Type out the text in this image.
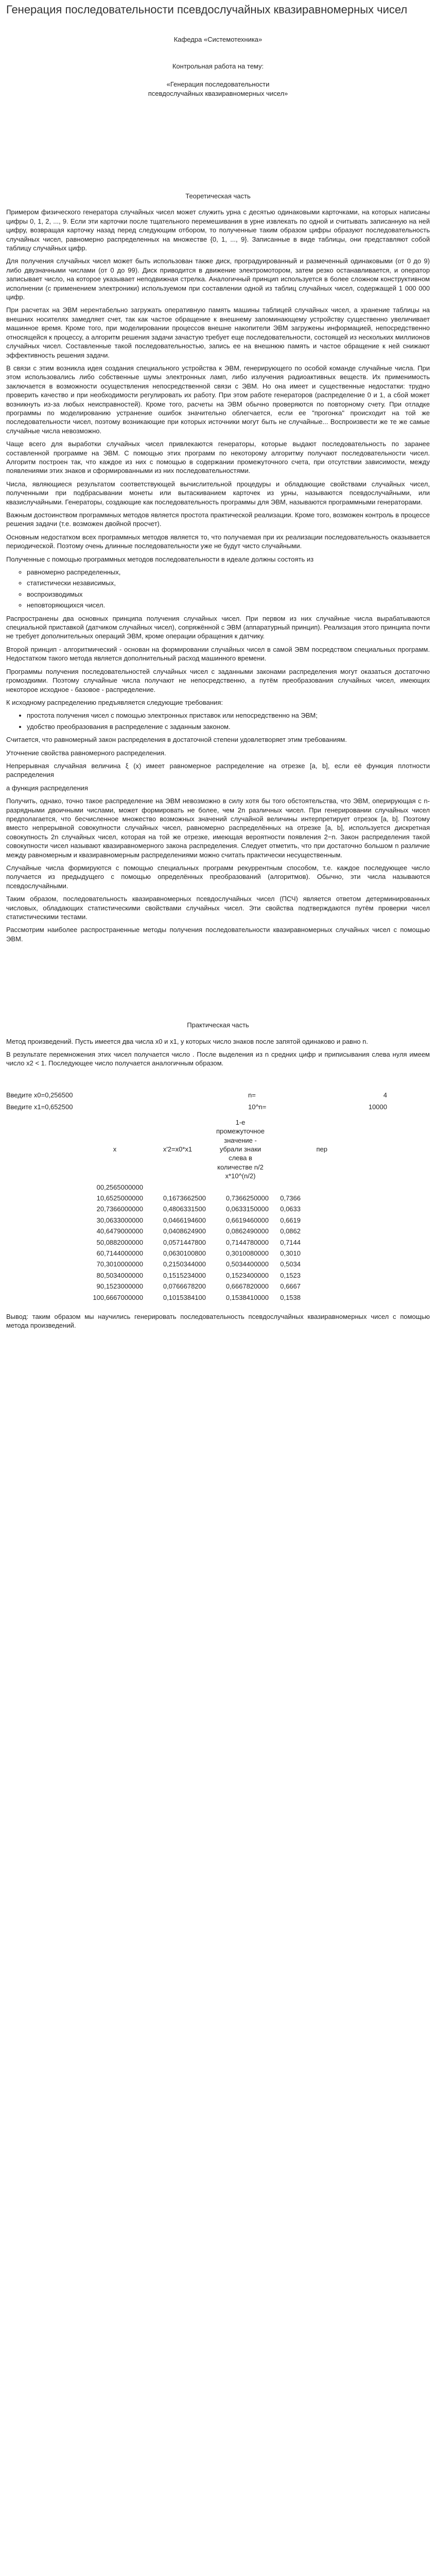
Генерация последовательности псевдослучайных квазиравномерных чисел
Кафедра «Системотехника»
Контрольная работа на тему:
«Генерация последовательности псевдослучайных квазиравномерных чисел»
Теоретическая часть

Примером физического генератора случайных чисел может служить урна с десятью одинаковыми карточками, на которых написаны цифры 0, 1, 2, ..., 9. Если эти карточки после тщательного перемешивания в урне извлекать по одной и считывать записанную на ней цифру, возвращая карточку назад перед следующим отбором, то полученные таким образом цифры образуют последовательность случайных чисел, равномерно распределенных на множестве {0, 1, ..., 9}. Записанные в виде таблицы, они представляют собой таблицу случайных цифр.

Для получения случайных чисел может быть использован также диск, проградуированный и размеченный одинаковыми (от 0 до 9) либо двузначными числами (от 0 до 99). Диск приводится в движение электромотором, затем резко останавливается, и оператор записывает число, на которое указывает неподвижная стрелка. Аналогичный принцип используется в более сложном конструктивном исполнении (с применением электроники) используемом при составлении одной из таблиц случайных чисел, содержащей 1 000 000 цифр.

При расчетах на ЭВМ нерентабельно загружать оперативную память машины таблицей случайных чисел, а хранение таблицы на внешних носителях замедляет счет, так как частое обращение к внешнему запоминающему устройству существенно увеличивает машинное время. Кроме того, при моделировании процессов внешне накопители ЭВМ загружены информацией, непосредственно относящейся к процессу, а алгоритм решения задачи зачастую требует еще последовательности, состоящей из нескольких миллионов случайных чисел. Составленные такой последовательностью, запись ее на внешнюю память и частое обращение к ней снижают эффективность решения задачи.

В связи с этим возникла идея создания специального устройства к ЭВМ, генерирующего по особой команде случайные числа. При этом использовались либо собственные шумы электронных ламп, либо излучения радиоактивных веществ. Их применимость заключается в возможности осуществления непосредственной связи с ЭВМ. Но она имеет и существенные недостатки: трудно проверить качество и при необходимости регулировать их работу. При этом работе генераторов (распределение 0 и 1, а сбой может возникнуть из-за любых неисправностей). Кроме того, расчеты на ЭВМ обычно проверяются по повторному счету. При отладке программы по моделированию устранение ошибок значительно облегчается, если ее "прогонка" происходит на той же последовательности чисел, поэтому возникающие при которых источники могут быть не случайные... Воспроизвести же те же самые случайные числа невозможно.

Чаще всего для выработки случайных чисел привлекаются генераторы, которые выдают последовательность по заранее составленной программе на ЭВМ. С помощью этих программ по некоторому алгоритму получают последовательности чисел. Алгоритм построен так, что каждое из них с помощью в содержании промежуточного счета, при отсутствии зависимости, между появлениями этих знаков и сформированными из них последовательностями.

Числа, являющиеся результатом соответствующей вычислительной процедуры и обладающие свойствами случайных чисел, полученными при подбрасывании монеты или вытаскиванием карточек из урны, называются псевдослучайными, или квазислучайными. Генераторы, создающие как последовательность программы для ЭВМ, называются программными генераторами.

Важным достоинством программных методов является простота практической реализации. Кроме того, возможен контроль в процессе решения задачи (т.е. возможен двойной просчет).

Основным недостатком всех программных методов является то, что получаемая при их реализации последовательность оказывается периодической. Поэтому очень длинные последовательности уже не будут чисто случайными.

Полученные с помощью программных методов последовательности в идеале должны состоять из

◦ равномерно распределенных,
◦ статистически независимых,
◦ воспроизводимых
◦ неповторяющихся чисел.

Распространены два основных принципа получения случайных чисел. При первом из них случайные числа вырабатываются специальной приставкой (датчиком случайных чисел), сопряжённой с ЭВМ (аппаратурный принцип). Реализация этого принципа почти не требует дополнительных операций ЭВМ, кроме операции обращения к датчику.

Второй принцип - алгоритмический - основан на формировании случайных чисел в самой ЭВМ посредством специальных программ. Недостатком такого метода является дополнительный расход машинного времени.

Программы получения последовательностей случайных чисел с заданными законами распределения могут оказаться достаточно громоздкими. Поэтому случайные числа получают не непосредственно, а путём преобразования случайных чисел, имеющих некоторое исходное - базовое - распределение.

К исходному распределению предъявляется следующие требования:

• простота получения чисел с помощью электронных приставок или непосредственно на ЭВМ;
• удобство преобразования в распределение с заданным законом.

Считается, что равномерный закон распределения в достаточной степени удовлетворяет этим требованиям.

Уточнение свойства равномерного распределения.

Непрерывная случайная величина ξ (х) имеет равномерное распределение на отрезке [a, b], если её функция плотности распределения

а функция распределения

Получить, однако, точно такое распределение на ЭВМ невозможно в силу хотя бы того обстоятельства, что ЭВМ, оперирующая с n-разрядными двоичными числами, может формировать не более, чем 2n различных чисел. При генерировании случайных чисел предполагается, что бесчисленное множество возможных значений случайной величины интерпретирует отрезок [a, b]. Поэтому вместо непрерывной совокупности случайных чисел, равномерно распределённых на отрезке [a, b], используется дискретная совокупность 2n случайных чисел, которая на той же отрезке, имеющая вероятности появления 2−n. Закон распределения такой совокупности чисел называют квазиравномерного закона распределения. Следует отметить, что при достаточно большом n различие между равномерным и квазиравномерным распределениями можно считать практически несущественным.

Случайные числа формируются с помощью специальных программ рекуррентным способом, т.е. каждое последующее число получается из предыдущего с помощью определённых преобразований (алгоритмов). Обычно, эти числа называются псевдослучайными.

Таким образом, последовательность квазиравномерных псевдослучайных чисел (ПСЧ) является ответом детерминированных числовых, обладающих статистическими свойствами случайных чисел. Эти свойства подтверждаются путём проверки чисел статистическими тестами.

Рассмотрим наиболее распространенные методы получения последовательности квазиравномерных случайных чисел с помощью ЭВМ.

Практическая часть

Метод произведений. Пусть имеется два числа x0 и x1, у которых число знаков после запятой одинаково и равно n.

В результате перемножения этих чисел получается число . После выделения из n средних цифр и приписывания слева нуля имеем число x2 < 1. Последующее число получается аналогичным образом.

Введите x0=0,256500	n=	4
Введите x1=0,652500	10^n=	10000
x	x'2=x0*x1	1-е промежуточное значение - убрали знаки слева в количестве n/2 x*10^(n/2)		пер
00,2565000000				
10,6525000000	0,1673662500	0,7366250000	0,7366	
20,7366000000	0,4806331500	0,0633150000	0,0633	
30,0633000000	0,0466194600	0,6619460000	0,6619	
40,6479000000	0,0408624900	0,0862490000	0,0862	
50,0882000000	0,0571447800	0,7144780000	0,7144	
60,7144000000	0,0630100800	0,3010080000	0,3010	
70,3010000000	0,2150344000	0,5034400000	0,5034	
80,5034000000	0,1515234000	0,1523400000	0,1523	
90,1523000000	0,0766678200	0,6667820000	0,6667	
100,6667000000	0,1015384100	0,1538410000	0,1538	

Вывод: таким образом мы научились генерировать последовательность псевдослучайных квазиравномерных чисел с помощью метода произведений.
